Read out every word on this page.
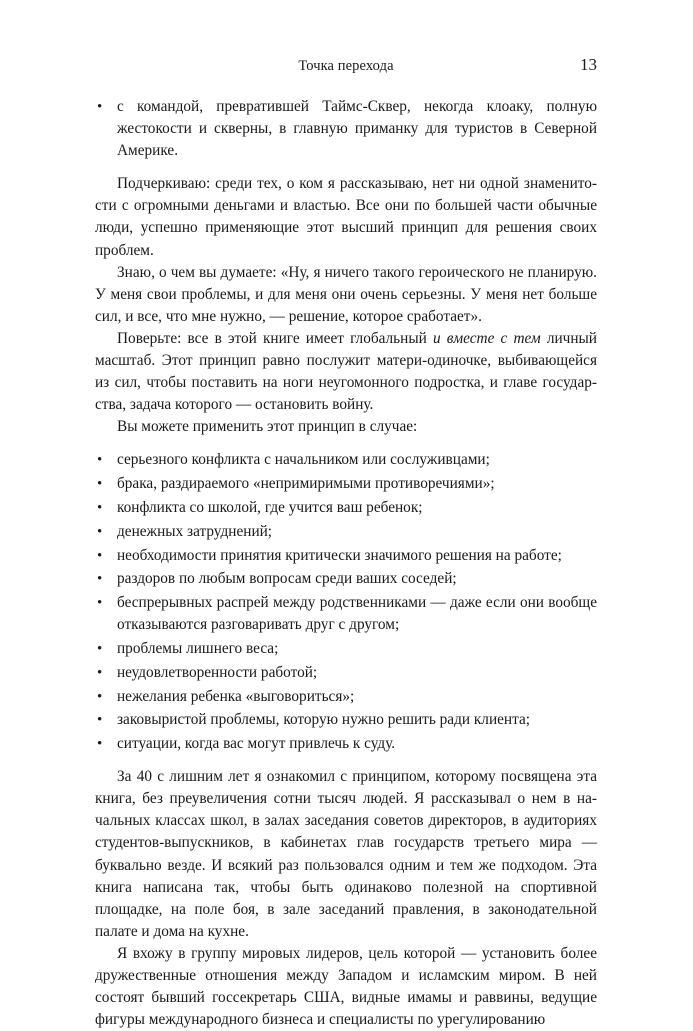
Точка перехода	13
• с командой, превратившей Таймс-Сквер, некогда клоаку, полную жестокости и скверны, в главную приманку для туристов в Северной Америке.

Подчеркиваю: среди тех, о ком я рассказываю, нет ни одной знаменитости с огромными деньгами и властью. Все они по большей части обычные люди, успешно применяющие этот высший принцип для решения своих проблем.

Знаю, о чем вы думаете: «Ну, я ничего такого героического не планирую. У меня свои проблемы, и для меня они очень серьезны. У меня нет больше сил, и все, что мне нужно, — решение, которое сработает».

Поверьте: все в этой книге имеет глобальный и вместе с тем личный масштаб. Этот принцип равно послужит матери-одиночке, выбивающейся из сил, чтобы поставить на ноги неугомонного подростка, и главе государства, задача которого — остановить войну.

Вы можете применить этот принцип в случае:

• серьезного конфликта с начальником или сослуживцами;
• брака, раздираемого «непримиримыми противоречиями»;
• конфликта со школой, где учится ваш ребенок;
• денежных затруднений;
• необходимости принятия критически значимого решения на работе;
• раздоров по любым вопросам среди ваших соседей;
• беспрерывных распрей между родственниками — даже если они вообще отказываются разговаривать друг с другом;
• проблемы лишнего веса;
• неудовлетворенности работой;
• нежелания ребенка «выговориться»;
• заковыристой проблемы, которую нужно решить ради клиента;
• ситуации, когда вас могут привлечь к суду.

За 40 с лишним лет я ознакомил с принципом, которому посвящена эта книга, без преувеличения сотни тысяч людей. Я рассказывал о нем в начальных классах школ, в залах заседания советов директоров, в аудиториях студентов-выпускников, в кабинетах глав государств третьего мира — буквально везде. И всякий раз пользовался одним и тем же подходом. Эта книга написана так, чтобы быть одинаково полезной на спортивной площадке, на поле боя, в зале заседаний правления, в законодательной палате и дома на кухне.

Я вхожу в группу мировых лидеров, цель которой — установить более дружественные отношения между Западом и исламским миром. В ней состоят бывший госсекретарь США, видные имамы и раввины, ведущие фигуры международного бизнеса и специалисты по урегулированию
